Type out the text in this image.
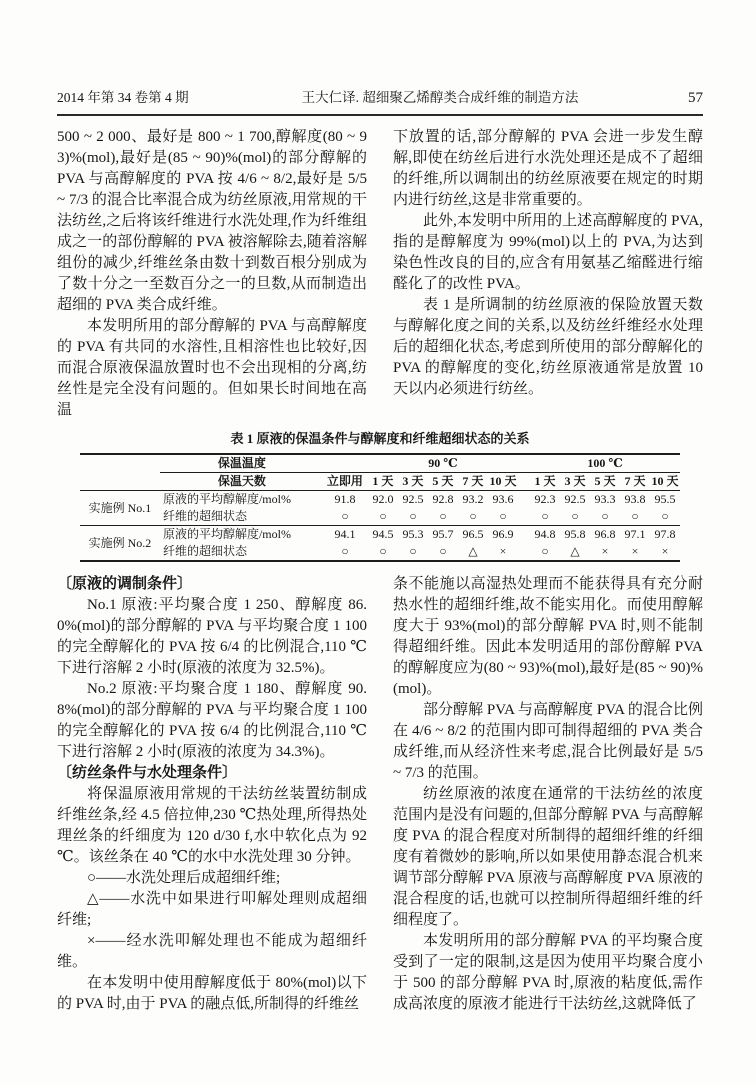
2014 年第 34 卷第 4 期	王大仁译. 超细聚乙烯醇类合成纤维的制造方法	57

500 ~ 2 000、最好是 800 ~ 1 700,醇解度(80 ~ 93)%(mol),最好是(85 ~ 90)%(mol)的部分醇解的 PVA 与高醇解度的 PVA 按 4/6 ~ 8/2,最好是 5/5 ~ 7/3 的混合比率混合成为纺丝原液,用常规的干法纺丝,之后将该纤维进行水洗处理,作为纤维组成之一的部份醇解的 PVA 被溶解除去,随着溶解组份的减少,纤维丝条由数十到数百根分别成为了数十分之一至数百分之一的旦数,从而制造出超细的 PVA 类合成纤维。

本发明所用的部分醇解的 PVA 与高醇解度的 PVA 有共同的水溶性,且相溶性也比较好,因而混合原液保温放置时也不会出现相的分离,纺丝性是完全没有问题的。但如果长时间地在高温

下放置的话,部分醇解的 PVA 会进一步发生醇解,即使在纺丝后进行水洗处理还是成不了超细的纤维,所以调制出的纺丝原液要在规定的时期内进行纺丝,这是非常重要的。

此外,本发明中所用的上述高醇解度的 PVA,指的是醇解度为 99%(mol)以上的 PVA,为达到染色性改良的目的,应含有用氨基乙缩醛进行缩醛化了的改性 PVA。

表 1 是所调制的纺丝原液的保险放置天数与醇解化度之间的关系,以及纺丝纤维经水处理后的超细化状态,考虑到所使用的部分醇解化的 PVA 的醇解度的变化,纺丝原液通常是放置 10 天以内必须进行纺丝。

表 1 原液的保温条件与醇解度和纤维超细状态的关系
	保温温度		90 ℃						100 ℃				
	保温天数	立即用	1 天	3 天	5 天	7 天	10 天		1 天	3 天	5 天	7 天	10 天
实施例 No.1	原液的平均醇解度/mol%	91.8	92.0	92.5	92.8	93.2	93.6		92.3	92.5	93.3	93.8	95.5
	纤维的超细状态	○	○	○	○	○	○		○	○	○	○	○
实施例 No.2	原液的平均醇解度/mol%	94.1	94.5	95.3	95.7	96.5	96.9		94.8	95.8	96.8	97.1	97.8
	纤维的超细状态	○	○	○	○	△	×		○	△	×	×	×

〔原液的调制条件〕

No.1 原液:平均聚合度 1 250、醇解度 86.0%(mol)的部分醇解的 PVA 与平均聚合度 1 100 的完全醇解化的 PVA 按 6/4 的比例混合,110 ℃下进行溶解 2 小时(原液的浓度为 32.5%)。

No.2 原液:平均聚合度 1 180、醇解度 90.8%(mol)的部分醇解的 PVA 与平均聚合度 1 100 的完全醇解化的 PVA 按 6/4 的比例混合,110 ℃下进行溶解 2 小时(原液的浓度为 34.3%)。

〔纺丝条件与水处理条件〕

将保温原液用常规的干法纺丝装置纺制成纤维丝条,经 4.5 倍拉伸,230 ℃热处理,所得热处理丝条的纤细度为 120 d/30 f,水中软化点为 92 ℃。该丝条在 40 ℃的水中水洗处理 30 分钟。

○——水洗处理后成超细纤维;

△——水洗中如果进行叩解处理则成超细纤维;

×——经水洗叩解处理也不能成为超细纤维。

在本发明中使用醇解度低于 80%(mol)以下的 PVA 时,由于 PVA 的融点低,所制得的纤维丝

条不能施以高湿热处理而不能获得具有充分耐热水性的超细纤维,故不能实用化。而使用醇解度大于 93%(mol)的部分醇解 PVA 时,则不能制得超细纤维。因此本发明适用的部份醇解 PVA 的醇解度应为(80 ~ 93)%(mol),最好是(85 ~ 90)%(mol)。

部分醇解 PVA 与高醇解度 PVA 的混合比例在 4/6 ~ 8/2 的范围内即可制得超细的 PVA 类合成纤维,而从经济性来考虑,混合比例最好是 5/5 ~ 7/3 的范围。

纺丝原液的浓度在通常的干法纺丝的浓度范围内是没有问题的,但部分醇解 PVA 与高醇解度 PVA 的混合程度对所制得的超细纤维的纤细度有着微妙的影响,所以如果使用静态混合机来调节部分醇解 PVA 原液与高醇解度 PVA 原液的混合程度的话,也就可以控制所得超细纤维的纤细程度了。

本发明所用的部分醇解 PVA 的平均聚合度受到了一定的限制,这是因为使用平均聚合度小于 500 的部分醇解 PVA 时,原液的粘度低,需作成高浓度的原液才能进行干法纺丝,这就降低了
